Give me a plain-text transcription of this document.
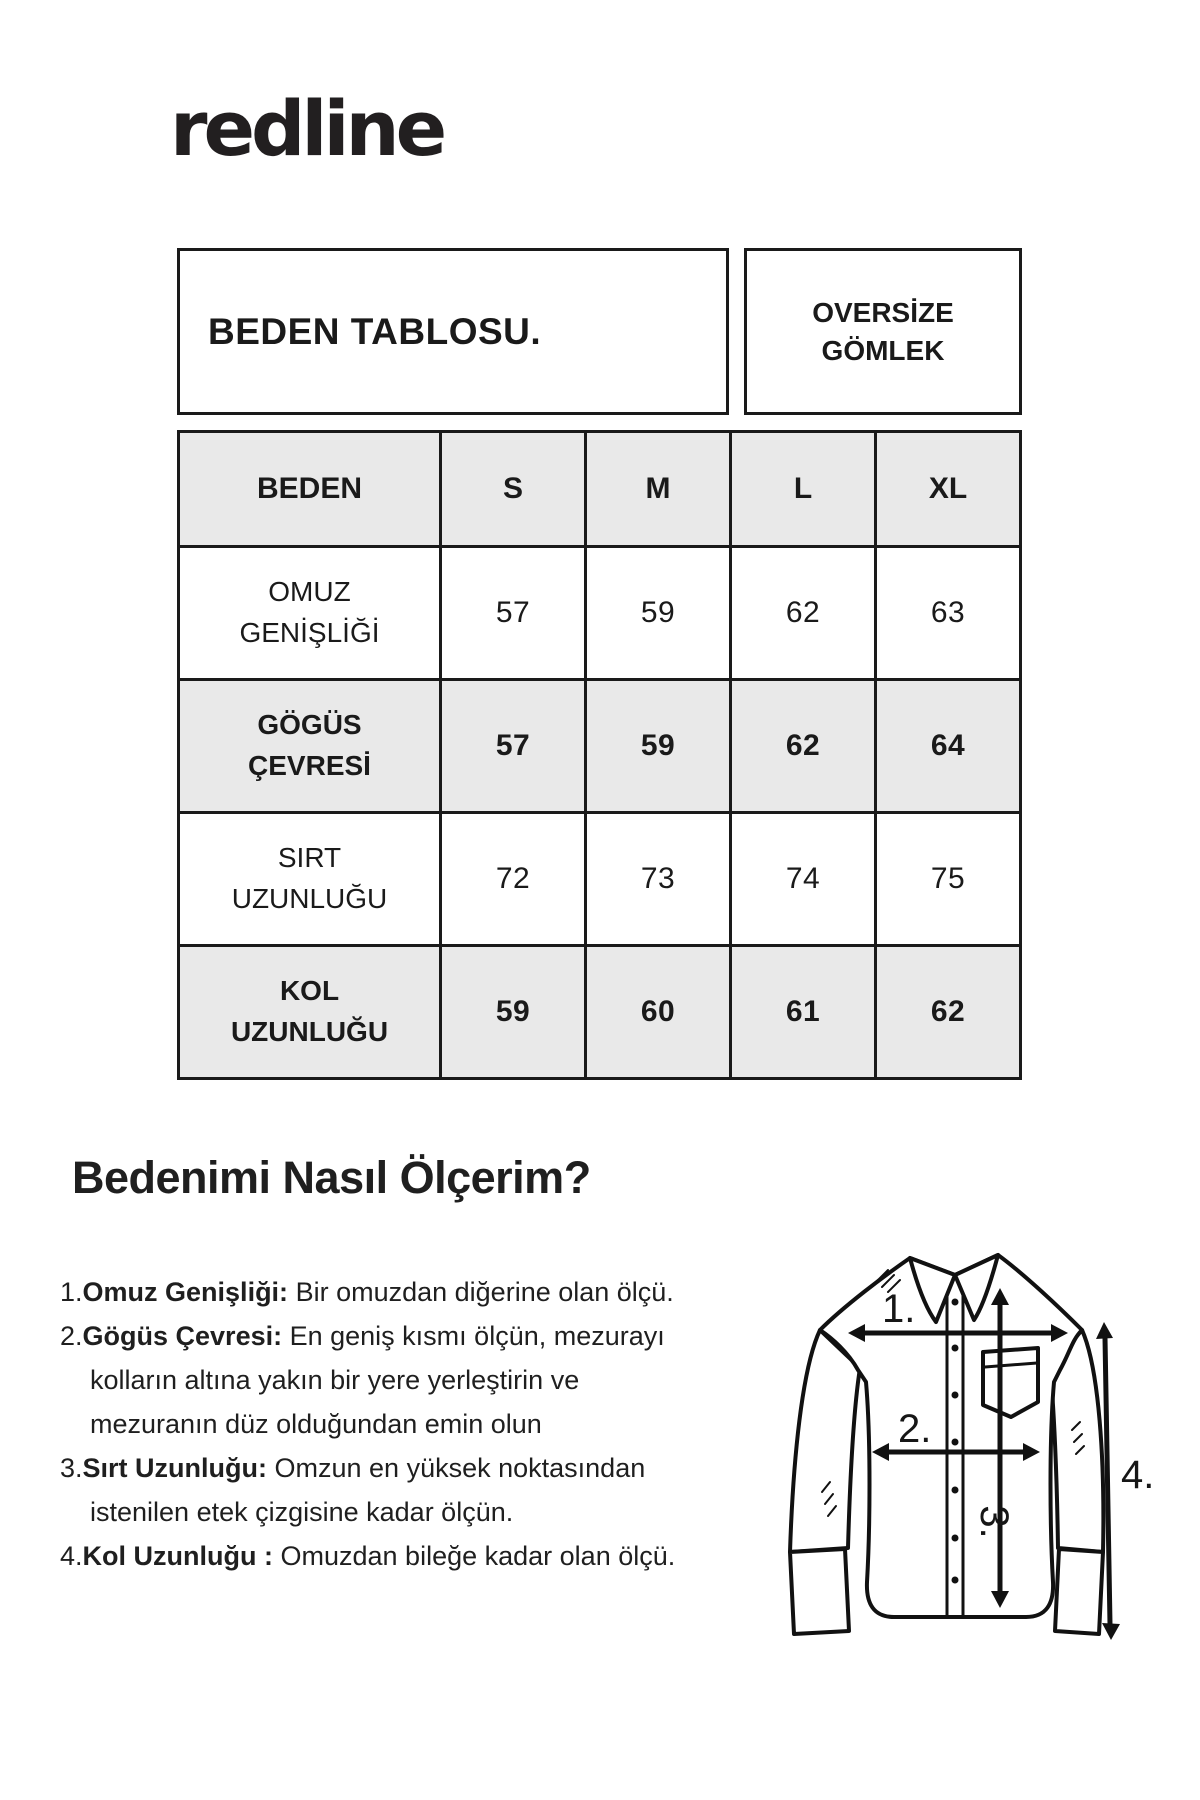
redline
BEDEN TABLOSU.	OVERSİZE GÖMLEK
BEDEN	S	M	L	XL
OMUZ GENİŞLİĞİ	57	59	62	63
GÖGÜS ÇEVRESİ	57	59	62	64
SIRT UZUNLUĞU	72	73	74	75
KOL UZUNLUĞU	59	60	61	62
Bedenimi Nasıl Ölçerim?
1.Omuz Genişliği: Bir omuzdan diğerine olan ölçü.
2.Gögüs Çevresi: En geniş kısmı ölçün, mezurayı kolların altına yakın bir yere yerleştirin ve mezuranın düz olduğundan emin olun
3.Sırt Uzunluğu: Omzun en yüksek noktasından istenilen etek çizgisine kadar ölçün.
4.Kol Uzunluğu : Omuzdan bileğe kadar olan ölçü.
1.
2.
3.
4.
